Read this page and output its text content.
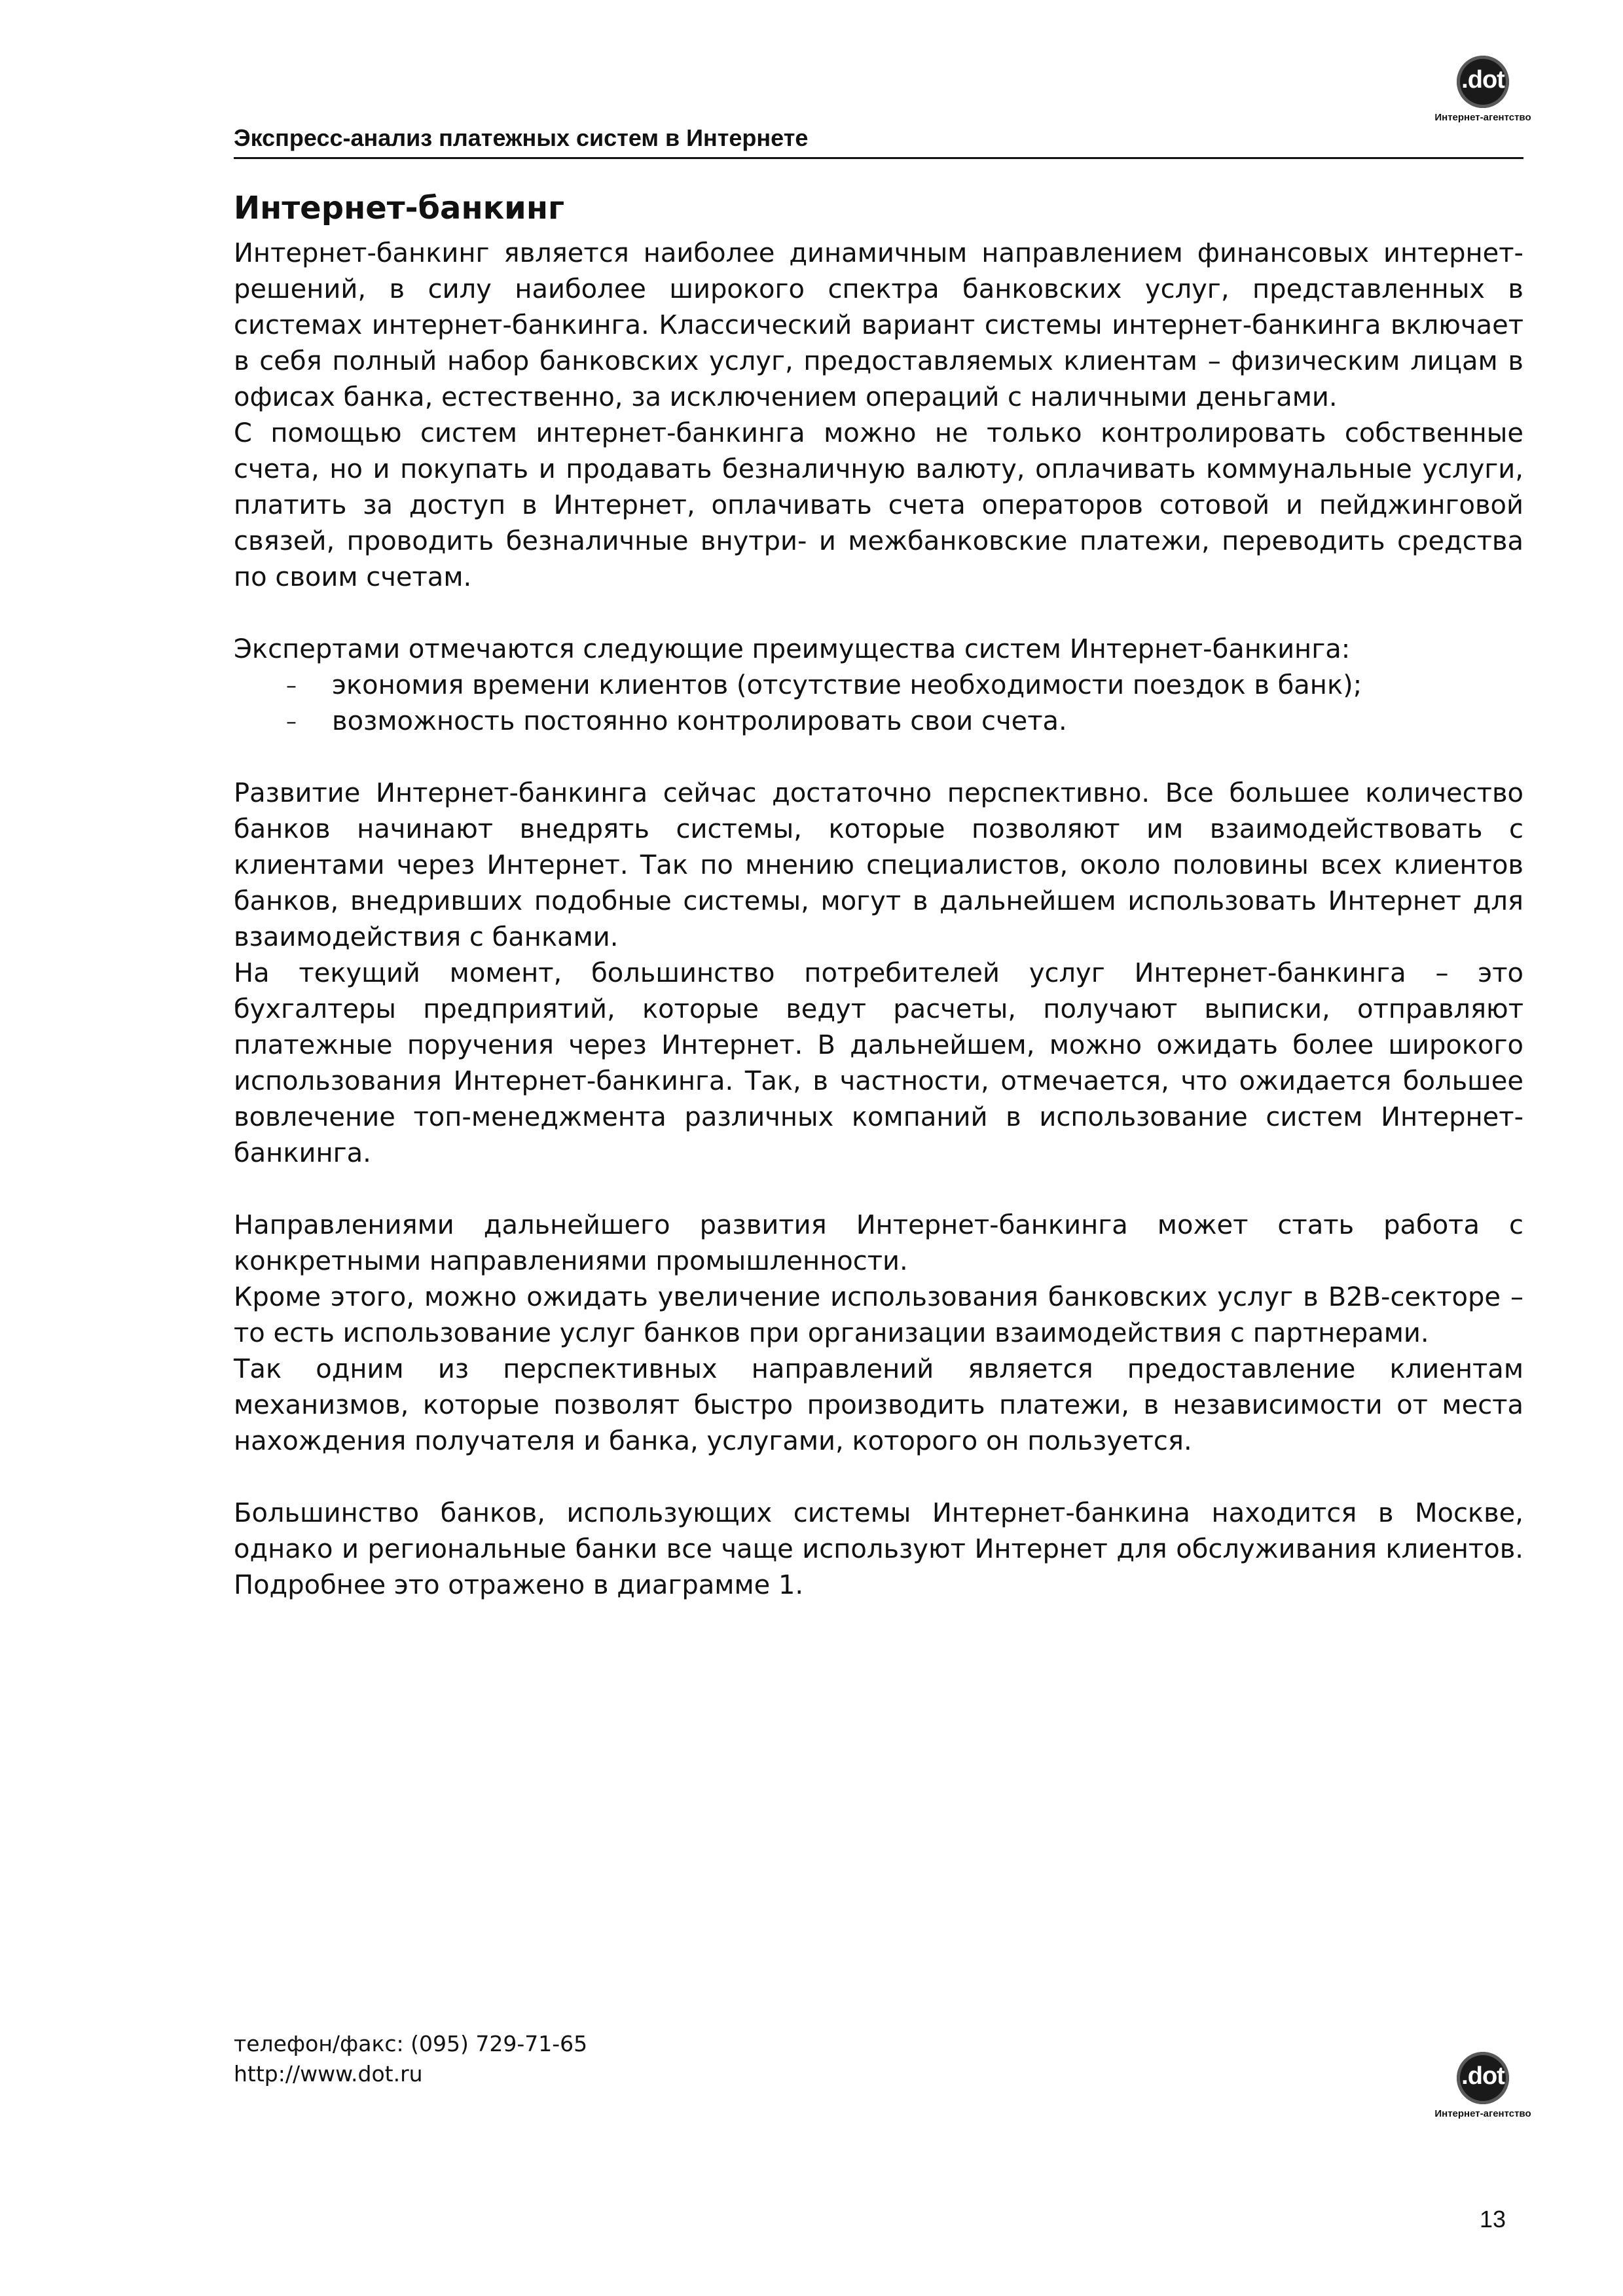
Экспресс-анализ платежных систем в Интернете
.dot
Интернет-агентство
Интернет-банкинг

Интернет-банкинг является наиболее динамичным направлением финансовых интернет-решений, в силу наиболее широкого спектра банковских услуг, представленных в системах интернет-банкинга. Классический вариант системы интернет-банкинга включает в себя полный набор банковских услуг, предоставляемых клиентам – физическим лицам в офисах банка, естественно, за исключением операций с наличными деньгами.

С помощью систем интернет-банкинга можно не только контролировать собственные счета, но и покупать и продавать безналичную валюту, оплачивать коммунальные услуги, платить за доступ в Интернет, оплачивать счета операторов сотовой и пейджинговой связей, проводить безналичные внутри- и межбанковские платежи, переводить средства по своим счетам.

Экспертами отмечаются следующие преимущества систем Интернет-банкинга:

– экономия времени клиентов (отсутствие необходимости поездок в банк);
– возможность постоянно контролировать свои счета.

Развитие Интернет-банкинга сейчас достаточно перспективно. Все большее количество банков начинают внедрять системы, которые позволяют им взаимодействовать с клиентами через Интернет. Так по мнению специалистов, около половины всех клиентов банков, внедривших подобные системы, могут в дальнейшем использовать Интернет для взаимодействия с банками.

На текущий момент, большинство потребителей услуг Интернет-банкинга – это бухгалтеры предприятий, которые ведут расчеты, получают выписки, отправляют платежные поручения через Интернет. В дальнейшем, можно ожидать более широкого использования Интернет-банкинга. Так, в частности, отмечается, что ожидается большее вовлечение топ-менеджмента различных компаний в использование систем Интернет-банкинга.

Направлениями дальнейшего развития Интернет-банкинга может стать работа с конкретными направлениями промышленности.

Кроме этого, можно ожидать увеличение использования банковских услуг в B2B-секторе – то есть использование услуг банков при организации взаимодействия с партнерами.

Так одним из перспективных направлений является предоставление клиентам механизмов, которые позволят быстро производить платежи, в независимости от места нахождения получателя и банка, услугами, которого он пользуется.

Большинство банков, использующих системы Интернет-банкина находится в Москве, однако и региональные банки все чаще используют Интернет для обслуживания клиентов. Подробнее это отражено в диаграмме 1.

телефон/факс: (095) 729-71-65
http://www.dot.ru	.dot
Интернет-агентство
13
